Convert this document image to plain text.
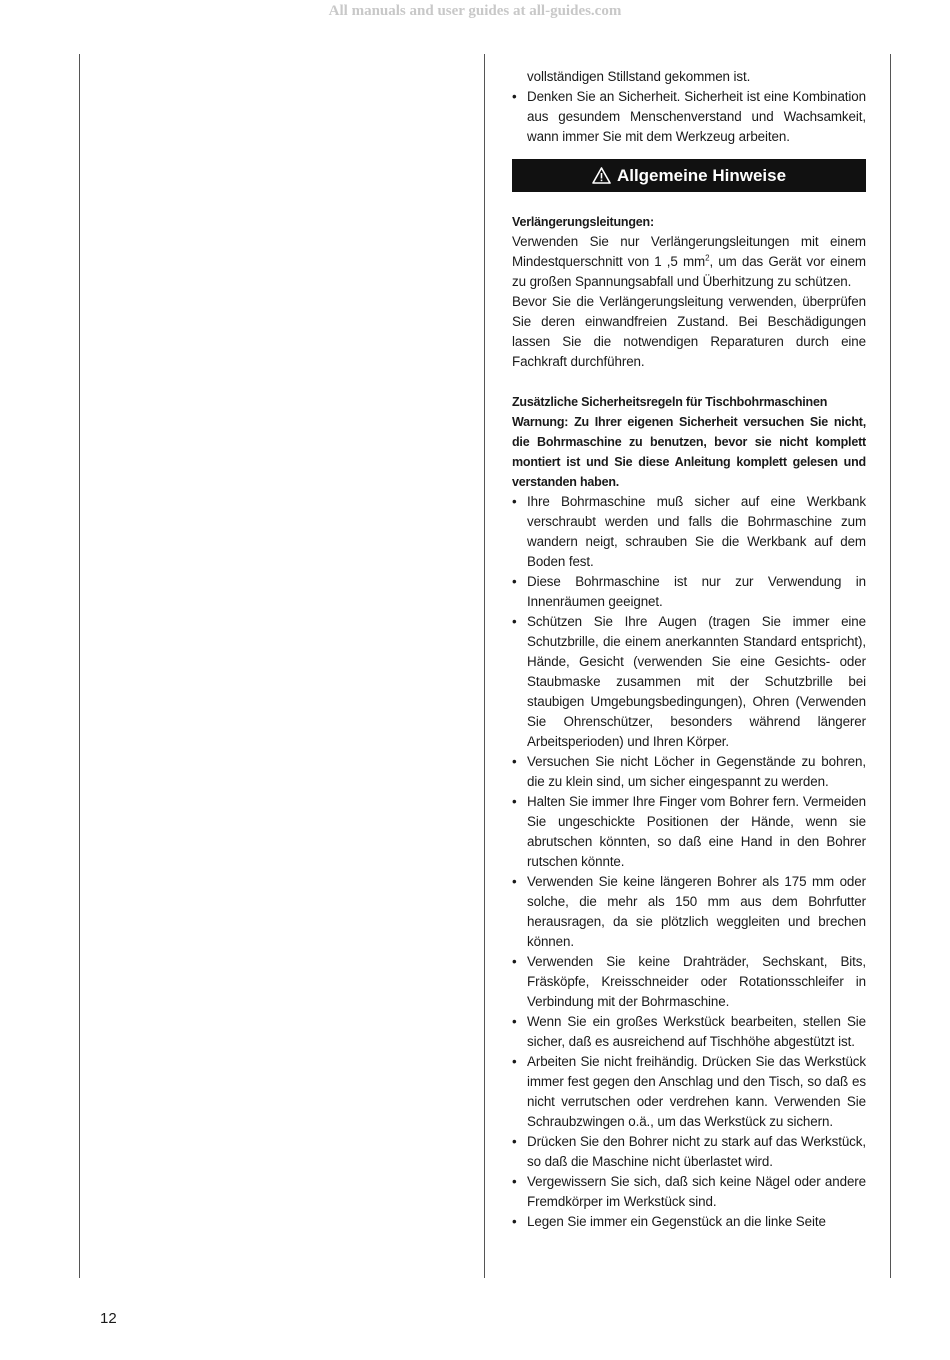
All manuals and user guides at all-guides.com

vollständigen Stillstand gekommen ist.

• Denken Sie an Sicherheit. Sicherheit ist eine Kombination aus gesundem Menschenverstand und Wachsamkeit, wann immer Sie mit dem Werkzeug arbeiten.
Allgemeine Hinweise

Verlängerungsleitungen:

Verwenden Sie nur Verlängerungsleitungen mit einem Mindestquerschnitt von 1 ,5 $mm^2$, um das Gerät vor einem zu großen Spannungsabfall und Überhitzung zu schützen.

Bevor Sie die Verlängerungsleitung verwenden, überprüfen Sie deren einwandfreien Zustand. Bei Beschädigungen lassen Sie die notwendigen Reparaturen durch eine Fachkraft durchführen.

Zusätzliche Sicherheitsregeln für Tischbohrmaschinen

Warnung: Zu Ihrer eigenen Sicherheit versuchen Sie nicht, die Bohrmaschine zu benutzen, bevor sie nicht komplett montiert ist und Sie diese Anleitung komplett gelesen und verstanden haben.

• Ihre Bohrmaschine muß sicher auf eine Werkbank verschraubt werden und falls die Bohrmaschine zum wandern neigt, schrauben Sie die Werkbank auf dem Boden fest.
• Diese Bohrmaschine ist nur zur Verwendung in Innenräumen geeignet.
• Schützen Sie Ihre Augen (tragen Sie immer eine Schutzbrille, die einem anerkannten Standard entspricht), Hände, Gesicht (verwenden Sie eine Gesichts- oder Staubmaske zusammen mit der Schutzbrille bei staubigen Umgebungsbedingungen), Ohren (Verwenden Sie Ohrenschützer, besonders während längerer Arbeitsperioden) und Ihren Körper.
• Versuchen Sie nicht Löcher in Gegenstände zu bohren, die zu klein sind, um sicher eingespannt zu werden.
• Halten Sie immer Ihre Finger vom Bohrer fern. Vermeiden Sie ungeschickte Positionen der Hände, wenn sie abrutschen könnten, so daß eine Hand in den Bohrer rutschen könnte.
• Verwenden Sie keine längeren Bohrer als 175 mm oder solche, die mehr als 150 mm aus dem Bohrfutter herausragen, da sie plötzlich weggleiten und brechen können.
• Verwenden Sie keine Drahträder, Sechskant, Bits, Fräsköpfe, Kreisschneider oder Rotationsschleifer in Verbindung mit der Bohrmaschine.
• Wenn Sie ein großes Werkstück bearbeiten, stellen Sie sicher, daß es ausreichend auf Tischhöhe abgestützt ist.
• Arbeiten Sie nicht freihändig. Drücken Sie das Werkstück immer fest gegen den Anschlag und den Tisch, so daß es nicht verrutschen oder verdrehen kann. Verwenden Sie Schraubzwingen o.ä., um das Werkstück zu sichern.
• Drücken Sie den Bohrer nicht zu stark auf das Werkstück, so daß die Maschine nicht überlastet wird.
• Vergewissern Sie sich, daß sich keine Nägel oder andere Fremdkörper im Werkstück sind.
• Legen Sie immer ein Gegenstück an die linke Seite
12
